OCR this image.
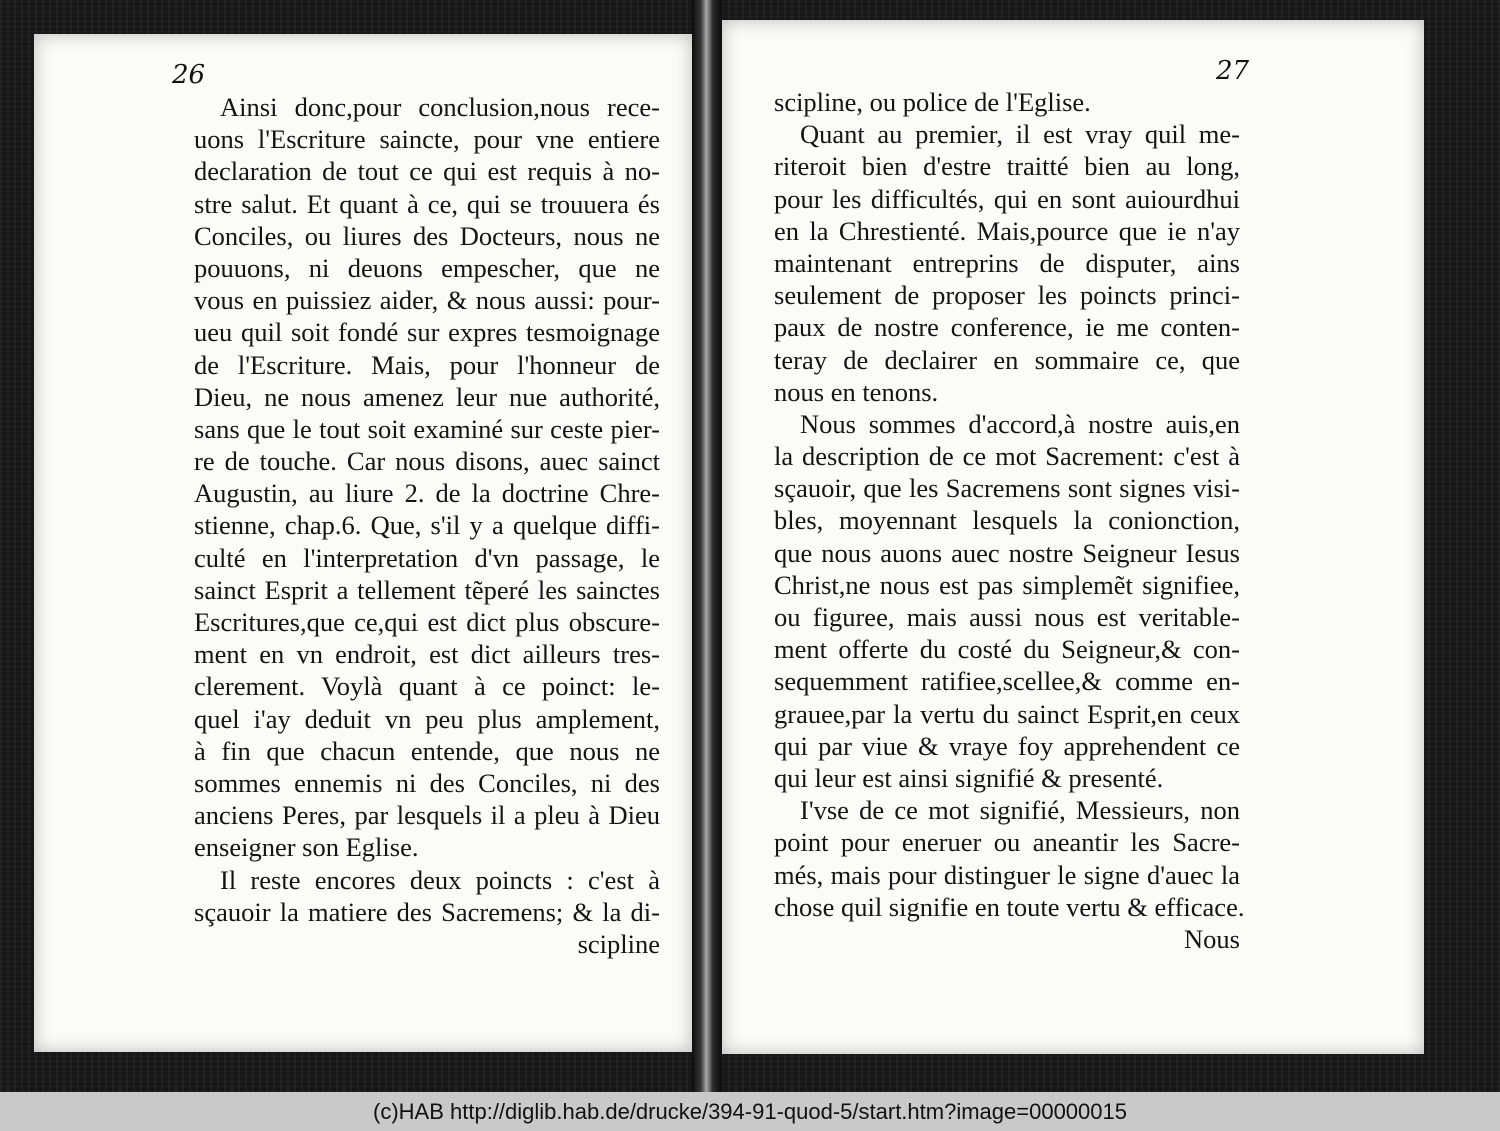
26	27
Ainsi donc,pour conclusion,nous rece-
uons l'Escriture saincte, pour vne entiere
declaration de tout ce qui est requis à no-
stre salut. Et quant à ce, qui se trouuera és
Conciles, ou liures des Docteurs, nous ne
pouuons, ni deuons empescher, que ne
vous en puissiez aider, & nous aussi: pour-
ueu quil soit fondé sur expres tesmoignage
de l'Escriture. Mais, pour l'honneur de
Dieu, ne nous amenez leur nue authorité,
sans que le tout soit examiné sur ceste pier-
re de touche. Car nous disons, auec sainct
Augustin, au liure 2. de la doctrine Chre-
stienne, chap.6. Que, s'il y a quelque diffi-
culté en l'interpretation d'vn passage, le
sainct Esprit a tellement tẽperé les sainctes
Escritures,que ce,qui est dict plus obscure-
ment en vn endroit, est dict ailleurs tres-
clerement. Voylà quant à ce poinct: le-
quel i'ay deduit vn peu plus amplement,
à fin que chacun entende, que nous ne
sommes ennemis ni des Conciles, ni des
anciens Peres, par lesquels il a pleu à Dieu
enseigner son Eglise.
Il reste encores deux poincts : c'est à
sçauoir la matiere des Sacremens; & la di-
scipline
scipline, ou police de l'Eglise.
Quant au premier, il est vray quil me-
riteroit bien d'estre traitté bien au long,
pour les difficultés, qui en sont auiourdhui
en la Chrestienté. Mais,pource que ie n'ay
maintenant entreprins de disputer, ains
seulement de proposer les poincts princi-
paux de nostre conference, ie me conten-
teray de declairer en sommaire ce, que
nous en tenons.
Nous sommes d'accord,à nostre auis,en
la description de ce mot Sacrement: c'est à
sçauoir, que les Sacremens sont signes visi-
bles, moyennant lesquels la conionction,
que nous auons auec nostre Seigneur Iesus
Christ,ne nous est pas simplemẽt signifiee,
ou figuree, mais aussi nous est veritable-
ment offerte du costé du Seigneur,& con-
sequemment ratifiee,scellee,& comme en-
grauee,par la vertu du sainct Esprit,en ceux
qui par viue & vraye foy apprehendent ce
qui leur est ainsi signifié & presenté.
I'vse de ce mot signifié, Messieurs, non
point pour eneruer ou aneantir les Sacre-
més, mais pour distinguer le signe d'auec la
chose quil signifie en toute vertu & efficace.
Nous
(c)HAB http://diglib.hab.de/drucke/394-91-quod-5/start.htm?image=00000015
